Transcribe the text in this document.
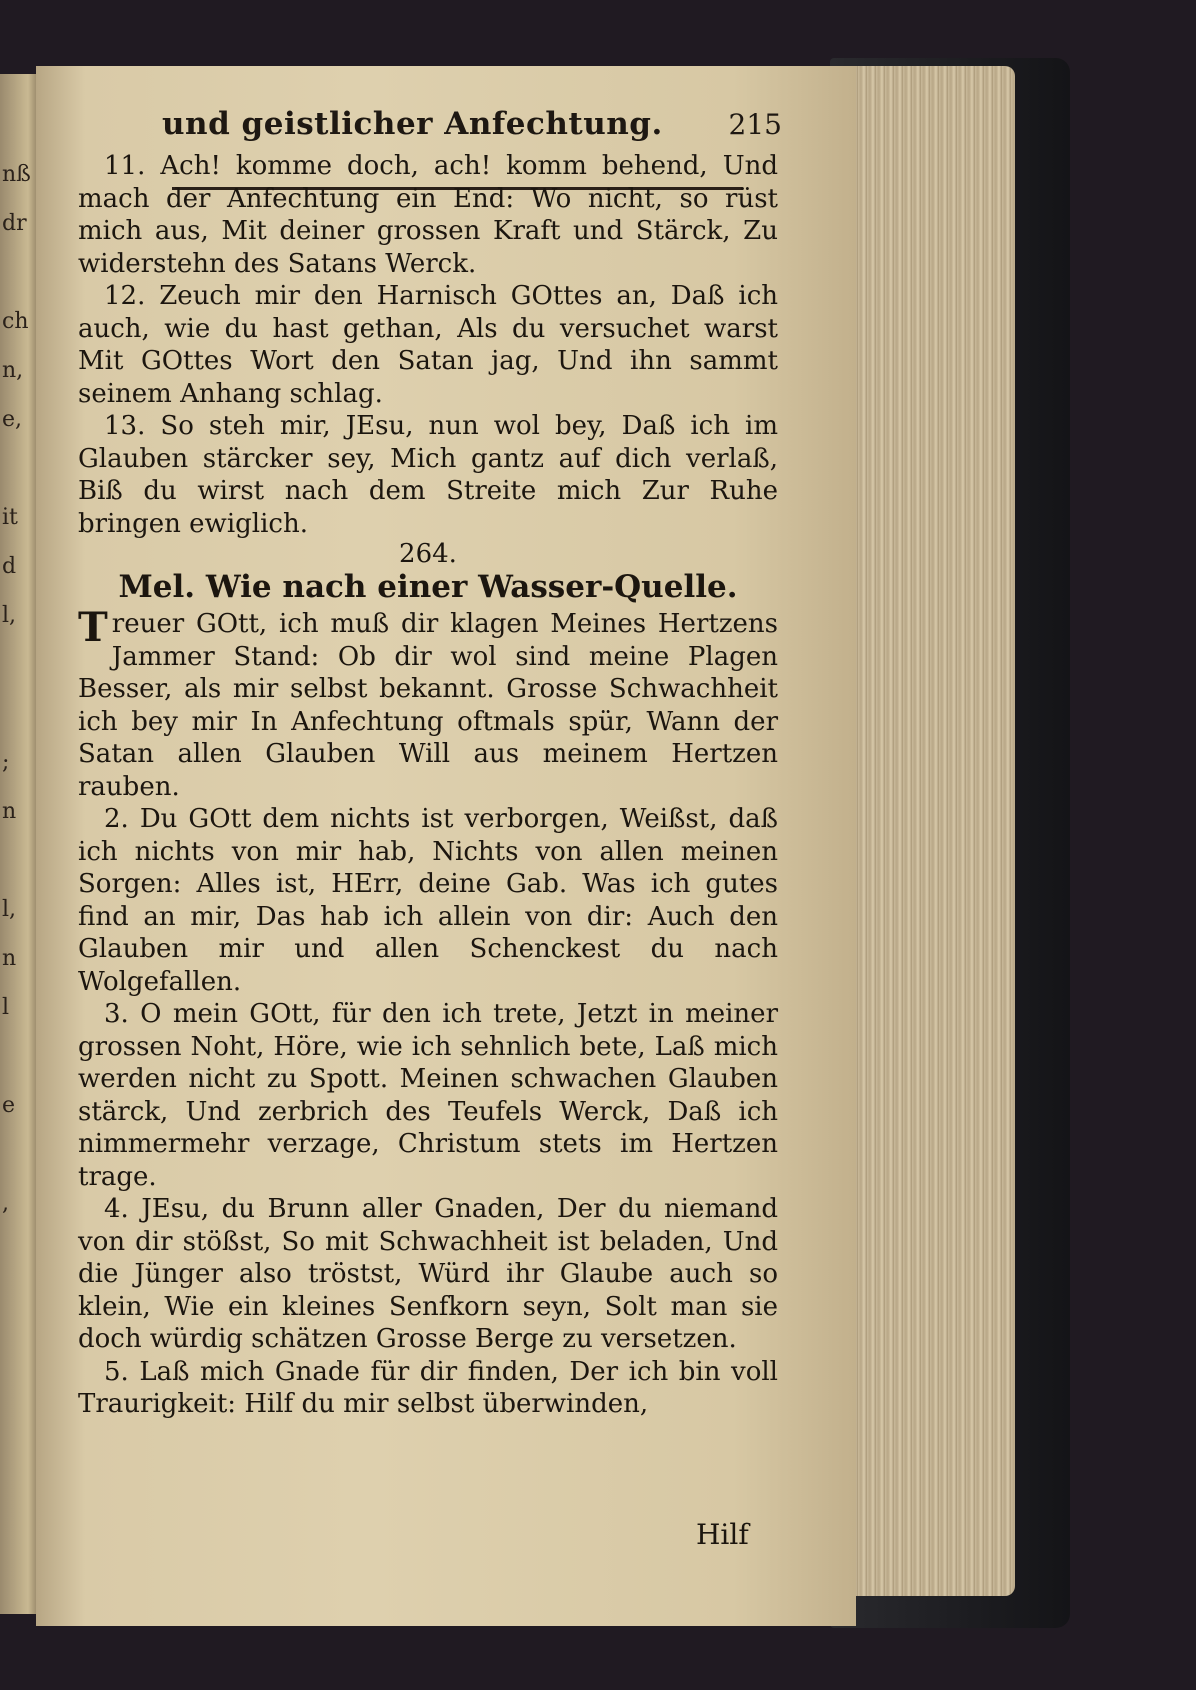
nß
dr

ch
n,
e,

it
d
l,

;
n

l,
n
l

e

,

und geistlicher Anfechtung. 215

11. Ach! komme doch, ach! komm behend, Und mach der Anfechtung ein End: Wo nicht, so rüst mich aus, Mit deiner grossen Kraft und Stärck, Zu widerstehn des Satans Werck.

12. Zeuch mir den Harnisch GOttes an, Daß ich auch, wie du hast gethan, Als du versuchet warst Mit GOttes Wort den Satan jag, Und ihn sammt seinem Anhang schlag.

13. So steh mir, JEsu, nun wol bey, Daß ich im Glauben stärcker sey, Mich gantz auf dich verlaß, Biß du wirst nach dem Streite mich Zur Ruhe bringen ewiglich.

264.

Mel. Wie nach einer Wasser-Quelle.

Treuer GOtt, ich muß dir klagen Meines Hertzens Jammer Stand: Ob dir wol sind meine Plagen Besser, als mir selbst bekannt. Grosse Schwachheit ich bey mir In Anfechtung oftmals spür, Wann der Satan allen Glauben Will aus meinem Hertzen rauben.

2. Du GOtt dem nichts ist verborgen, Weißst, daß ich nichts von mir hab, Nichts von allen meinen Sorgen: Alles ist, HErr, deine Gab. Was ich gutes find an mir, Das hab ich allein von dir: Auch den Glauben mir und allen Schenckest du nach Wolgefallen.

3. O mein GOtt, für den ich trete, Jetzt in meiner grossen Noht, Höre, wie ich sehnlich bete, Laß mich werden nicht zu Spott. Meinen schwachen Glauben stärck, Und zerbrich des Teufels Werck, Daß ich nimmermehr verzage, Christum stets im Hertzen trage.

4. JEsu, du Brunn aller Gnaden, Der du niemand von dir stößst, So mit Schwachheit ist beladen, Und die Jünger also tröstst, Würd ihr Glaube auch so klein, Wie ein kleines Senfkorn seyn, Solt man sie doch würdig schätzen Grosse Berge zu versetzen.

5. Laß mich Gnade für dir finden, Der ich bin voll Traurigkeit: Hilf du mir selbst überwinden,

Hilf
